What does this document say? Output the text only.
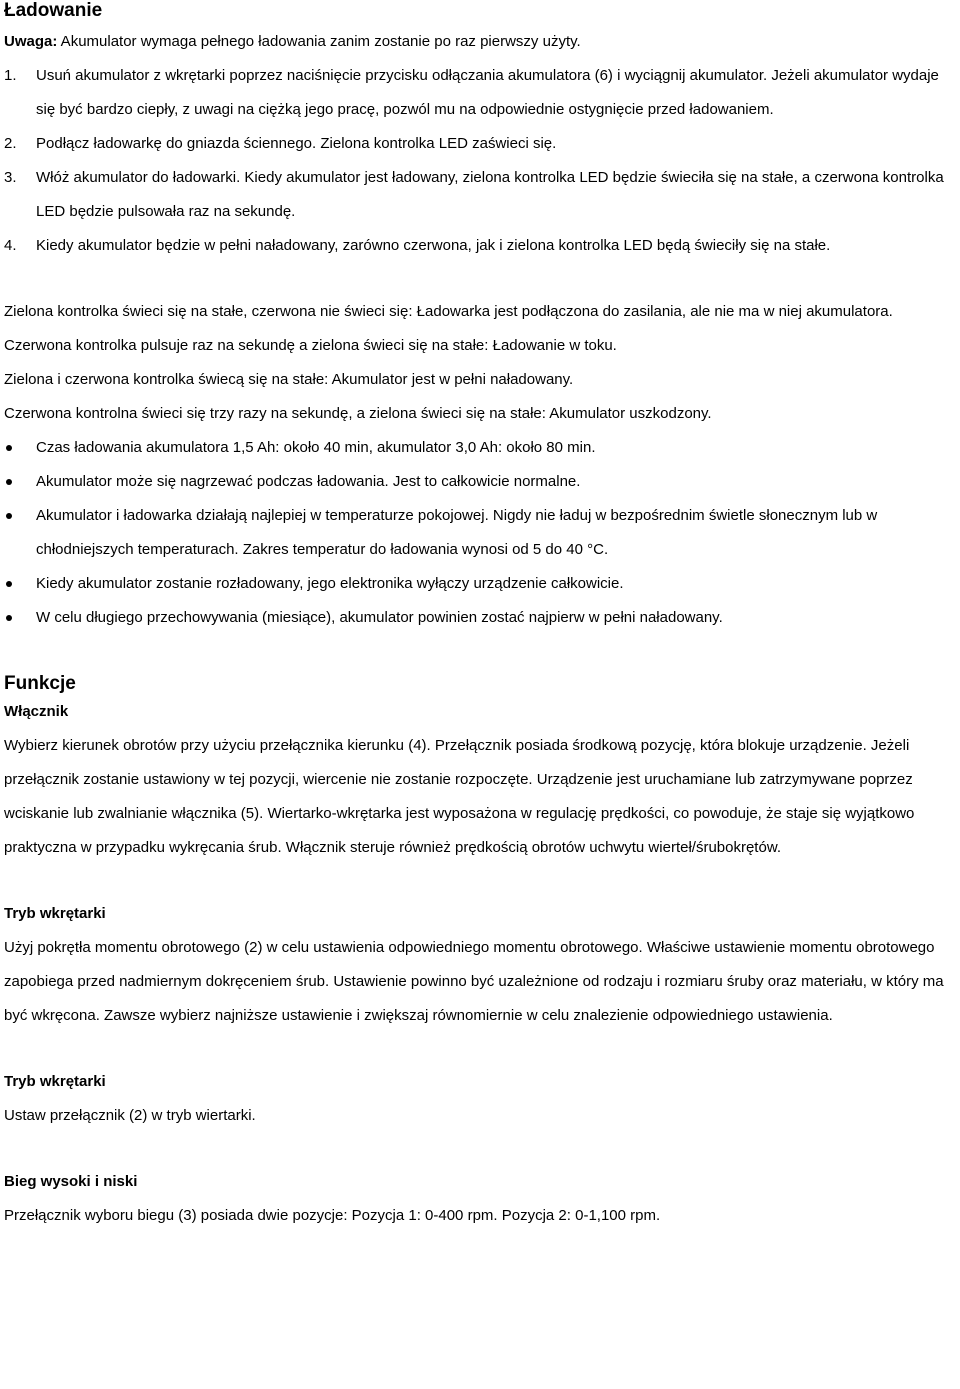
Ładowanie

Uwaga: Akumulator wymaga pełnego ładowania zanim zostanie po raz pierwszy użyty.

1. Usuń akumulator z wkrętarki poprzez naciśnięcie przycisku odłączania akumulatora (6) i wyciągnij akumulator. Jeżeli akumulator wydaje się być bardzo ciepły, z uwagi na ciężką jego pracę, pozwól mu na odpowiednie ostygnięcie przed ładowaniem.
2. Podłącz ładowarkę do gniazda ściennego. Zielona kontrolka LED zaświeci się.
3. Włóż akumulator do ładowarki. Kiedy akumulator jest ładowany, zielona kontrolka LED będzie świeciła się na stałe, a czerwona kontrolka LED będzie pulsowała raz na sekundę.
4. Kiedy akumulator będzie w pełni naładowany, zarówno czerwona, jak i zielona kontrolka LED będą świeciły się na stałe.

Zielona kontrolka świeci się na stałe, czerwona nie świeci się: Ładowarka jest podłączona do zasilania, ale nie ma w niej akumulatora.

Czerwona kontrolka pulsuje raz na sekundę a zielona świeci się na stałe: Ładowanie w toku.

Zielona i czerwona kontrolka świecą się na stałe: Akumulator jest w pełni naładowany.

Czerwona kontrolna świeci się trzy razy na sekundę, a zielona świeci się na stałe: Akumulator uszkodzony.

Czas ładowania akumulatora 1,5 Ah: około 40 min, akumulator 3,0 Ah: około 80 min.
Akumulator może się nagrzewać podczas ładowania. Jest to całkowicie normalne.
Akumulator i ładowarka działają najlepiej w temperaturze pokojowej. Nigdy nie ładuj w bezpośrednim świetle słonecznym lub w chłodniejszych temperaturach. Zakres temperatur do ładowania wynosi od 5 do 40 °C.
Kiedy akumulator zostanie rozładowany, jego elektronika wyłączy urządzenie całkowicie.
W celu długiego przechowywania (miesiące), akumulator powinien zostać najpierw w pełni naładowany.
Funkcje
Włącznik

Wybierz kierunek obrotów przy użyciu przełącznika kierunku (4). Przełącznik posiada środkową pozycję, która blokuje urządzenie. Jeżeli przełącznik zostanie ustawiony w tej pozycji, wiercenie nie zostanie rozpoczęte. Urządzenie jest uruchamiane lub zatrzymywane poprzez wciskanie lub zwalnianie włącznika (5). Wiertarko-wkrętarka jest wyposażona w regulację prędkości, co powoduje, że staje się wyjątkowo praktyczna w przypadku wykręcania śrub. Włącznik steruje również prędkością obrotów uchwytu wierteł/śrubokrętów.

Tryb wkrętarki

Użyj pokrętła momentu obrotowego (2) w celu ustawienia odpowiedniego momentu obrotowego. Właściwe ustawienie momentu obrotowego zapobiega przed nadmiernym dokręceniem śrub. Ustawienie powinno być uzależnione od rodzaju i rozmiaru śruby oraz materiału, w który ma być wkręcona. Zawsze wybierz najniższe ustawienie i zwiększaj równomiernie w celu znalezienie odpowiedniego ustawienia.

Tryb wkrętarki

Ustaw przełącznik (2) w tryb wiertarki.

Bieg wysoki i niski

Przełącznik wyboru biegu (3) posiada dwie pozycje: Pozycja 1: 0-400 rpm. Pozycja 2: 0-1,100 rpm.
